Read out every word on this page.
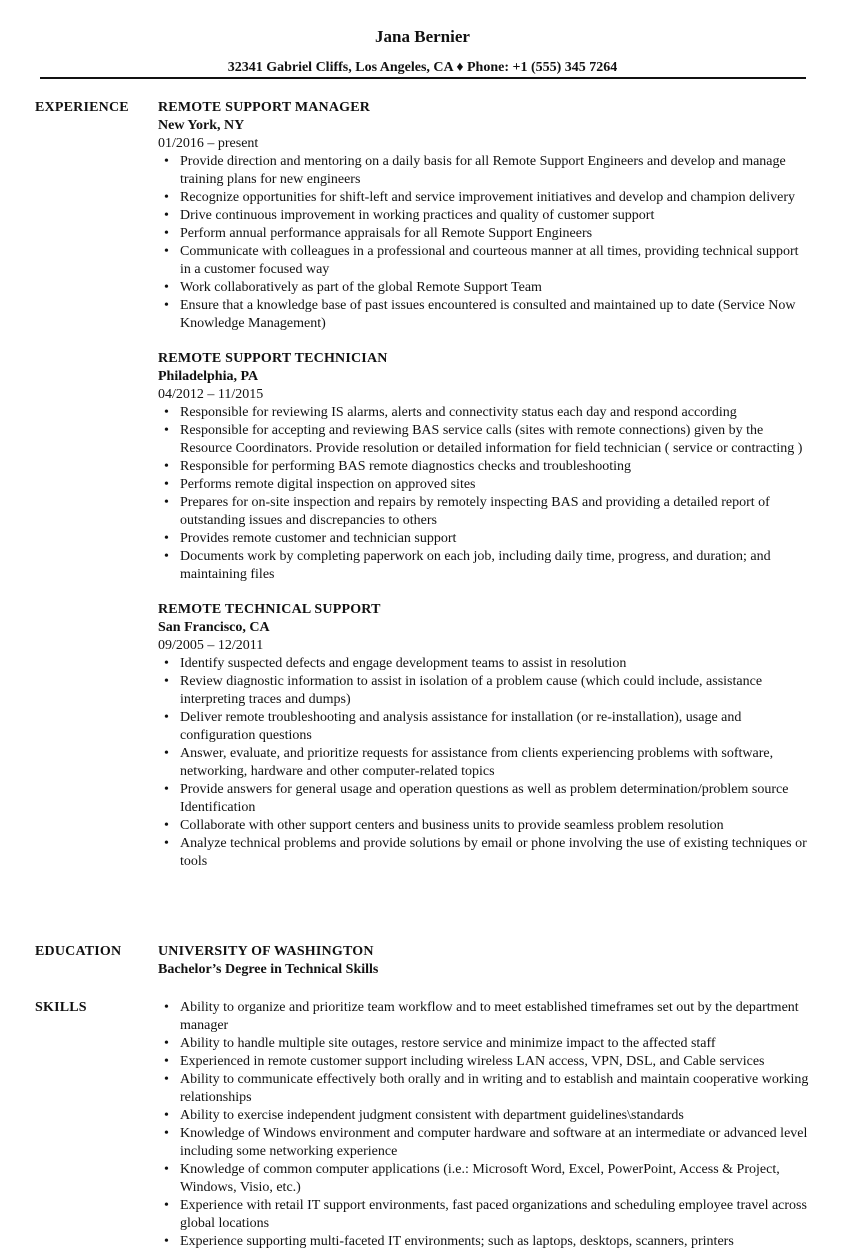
Jana Bernier
32341 Gabriel Cliffs, Los Angeles, CA ♦ Phone: +1 (555) 345 7264
EXPERIENCE REMOTE SUPPORT MANAGER

New York, NY

01/2016 – present

• Provide direction and mentoring on a daily basis for all Remote Support Engineers and develop and manage training plans for new engineers
• Recognize opportunities for shift-left and service improvement initiatives and develop and champion delivery
• Drive continuous improvement in working practices and quality of customer support
• Perform annual performance appraisals for all Remote Support Engineers
• Communicate with colleagues in a professional and courteous manner at all times, providing technical support in a customer focused way
• Work collaboratively as part of the global Remote Support Team
• Ensure that a knowledge base of past issues encountered is consulted and maintained up to date (Service Now Knowledge Management)

REMOTE SUPPORT TECHNICIAN

Philadelphia, PA

04/2012 – 11/2015

• Responsible for reviewing IS alarms, alerts and connectivity status each day and respond according
• Responsible for accepting and reviewing BAS service calls (sites with remote connections) given by the Resource Coordinators. Provide resolution or detailed information for field technician ( service or contracting )
• Responsible for performing BAS remote diagnostics checks and troubleshooting
• Performs remote digital inspection on approved sites
• Prepares for on-site inspection and repairs by remotely inspecting BAS and providing a detailed report of outstanding issues and discrepancies to others
• Provides remote customer and technician support
• Documents work by completing paperwork on each job, including daily time, progress, and duration; and maintaining files

REMOTE TECHNICAL SUPPORT

San Francisco, CA

09/2005 – 12/2011

• Identify suspected defects and engage development teams to assist in resolution
• Review diagnostic information to assist in isolation of a problem cause (which could include, assistance interpreting traces and dumps)
• Deliver remote troubleshooting and analysis assistance for installation (or re-installation), usage and configuration questions
• Answer, evaluate, and prioritize requests for assistance from clients experiencing problems with software, networking, hardware and other computer-related topics
• Provide answers for general usage and operation questions as well as problem determination/problem source Identification
• Collaborate with other support centers and business units to provide seamless problem resolution
• Analyze technical problems and provide solutions by email or phone involving the use of existing techniques or tools
EDUCATION	UNIVERSITY OF WASHINGTON

Bachelor’s Degree in Technical Skills

SKILLS
•	Ability to organize and prioritize team workflow and to meet established timeframes set out by the department manager
• Ability to handle multiple site outages, restore service and minimize impact to the affected staff
• Experienced in remote customer support including wireless LAN access, VPN, DSL, and Cable services
• Ability to communicate effectively both orally and in writing and to establish and maintain cooperative working relationships
• Ability to exercise independent judgment consistent with department guidelines\standards
• Knowledge of Windows environment and computer hardware and software at an intermediate or advanced level including some networking experience
• Knowledge of common computer applications (i.e.: Microsoft Word, Excel, PowerPoint, Access & Project, Windows, Visio, etc.)
• Experience with retail IT support environments, fast paced organizations and scheduling employee travel across global locations
• Experience supporting multi-faceted IT environments; such as laptops, desktops, scanners, printers
